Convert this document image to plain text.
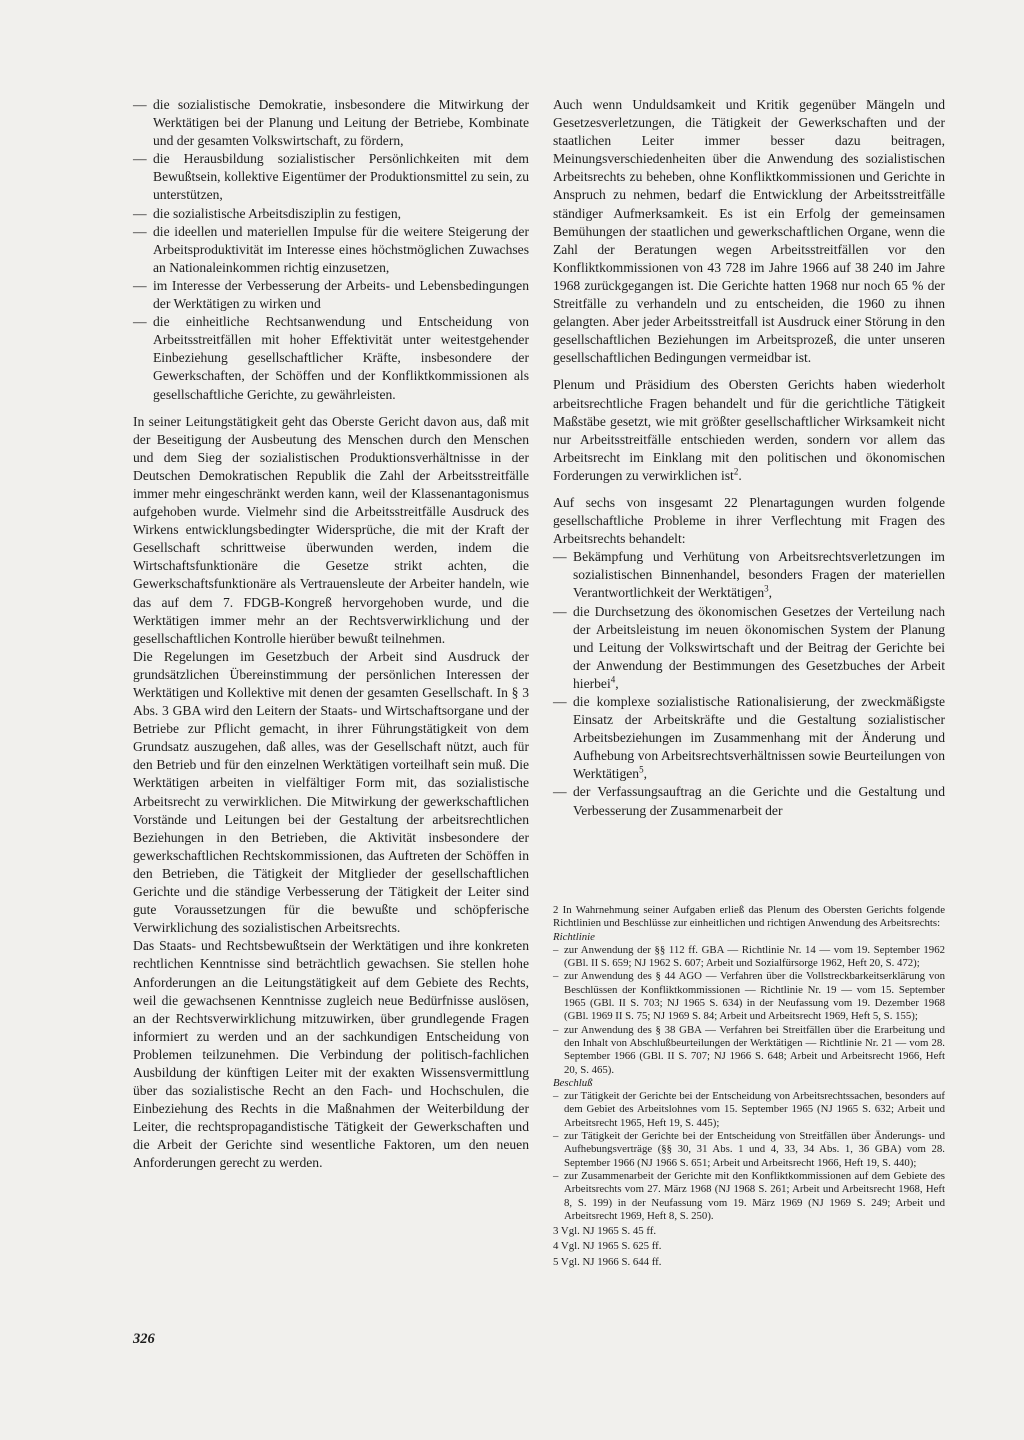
— die sozialistische Demokratie, insbesondere die Mitwirkung der Werktätigen bei der Planung und Leitung der Betriebe, Kombinate und der gesamten Volkswirtschaft, zu fördern,
— die Herausbildung sozialistischer Persönlichkeiten mit dem Bewußtsein, kollektive Eigentümer der Produktionsmittel zu sein, zu unterstützen,
— die sozialistische Arbeitsdisziplin zu festigen,
— die ideellen und materiellen Impulse für die weitere Steigerung der Arbeitsproduktivität im Interesse eines höchstmöglichen Zuwachses an Nationaleinkommen richtig einzusetzen,
— im Interesse der Verbesserung der Arbeits- und Lebensbedingungen der Werktätigen zu wirken und
— die einheitliche Rechtsanwendung und Entscheidung von Arbeitsstreitfällen mit hoher Effektivität unter weitestgehender Einbeziehung gesellschaftlicher Kräfte, insbesondere der Gewerkschaften, der Schöffen und der Konfliktkommissionen als gesellschaftliche Gerichte, zu gewährleisten.

In seiner Leitungstätigkeit geht das Oberste Gericht davon aus, daß mit der Beseitigung der Ausbeutung des Menschen durch den Menschen und dem Sieg der sozialistischen Produktionsverhältnisse in der Deutschen Demokratischen Republik die Zahl der Arbeitsstreitfälle immer mehr eingeschränkt werden kann, weil der Klassenantagonismus aufgehoben wurde. Vielmehr sind die Arbeitsstreitfälle Ausdruck des Wirkens entwicklungsbedingter Widersprüche, die mit der Kraft der Gesellschaft schrittweise überwunden werden, indem die Wirtschaftsfunktionäre die Gesetze strikt achten, die Gewerkschaftsfunktionäre als Vertrauensleute der Arbeiter handeln, wie das auf dem 7. FDGB-Kongreß hervorgehoben wurde, und die Werktätigen immer mehr an der Rechtsverwirklichung und der gesellschaftlichen Kontrolle hierüber bewußt teilnehmen.

Die Regelungen im Gesetzbuch der Arbeit sind Ausdruck der grundsätzlichen Übereinstimmung der persönlichen Interessen der Werktätigen und Kollektive mit denen der gesamten Gesellschaft. In § 3 Abs. 3 GBA wird den Leitern der Staats- und Wirtschaftsorgane und der Betriebe zur Pflicht gemacht, in ihrer Führungstätigkeit von dem Grundsatz auszugehen, daß alles, was der Gesellschaft nützt, auch für den Betrieb und für den einzelnen Werktätigen vorteilhaft sein muß. Die Werktätigen arbeiten in vielfältiger Form mit, das sozialistische Arbeitsrecht zu verwirklichen. Die Mitwirkung der gewerkschaftlichen Vorstände und Leitungen bei der Gestaltung der arbeitsrechtlichen Beziehungen in den Betrieben, die Aktivität insbesondere der gewerkschaftlichen Rechtskommissionen, das Auftreten der Schöffen in den Betrieben, die Tätigkeit der Mitglieder der gesellschaftlichen Gerichte und die ständige Verbesserung der Tätigkeit der Leiter sind gute Voraussetzungen für die bewußte und schöpferische Verwirklichung des sozialistischen Arbeitsrechts.

Das Staats- und Rechtsbewußtsein der Werktätigen und ihre konkreten rechtlichen Kenntnisse sind beträchtlich gewachsen. Sie stellen hohe Anforderungen an die Leitungstätigkeit auf dem Gebiete des Rechts, weil die gewachsenen Kenntnisse zugleich neue Bedürfnisse auslösen, an der Rechtsverwirklichung mitzuwirken, über grundlegende Fragen informiert zu werden und an der sachkundigen Entscheidung von Problemen teilzunehmen. Die Verbindung der politisch-fachlichen Ausbildung der künftigen Leiter mit der exakten Wissensvermittlung über das sozialistische Recht an den Fach- und Hochschulen, die Einbeziehung des Rechts in die Maßnahmen der Weiterbildung der Leiter, die rechtspropagandistische Tätigkeit der Gewerkschaften und die Arbeit der Gerichte sind wesentliche Faktoren, um den neuen Anforderungen gerecht zu werden.

Auch wenn Unduldsamkeit und Kritik gegenüber Mängeln und Gesetzesverletzungen, die Tätigkeit der Gewerkschaften und der staatlichen Leiter immer besser dazu beitragen, Meinungsverschiedenheiten über die Anwendung des sozialistischen Arbeitsrechts zu beheben, ohne Konfliktkommissionen und Gerichte in Anspruch zu nehmen, bedarf die Entwicklung der Arbeitsstreitfälle ständiger Aufmerksamkeit. Es ist ein Erfolg der gemeinsamen Bemühungen der staatlichen und gewerkschaftlichen Organe, wenn die Zahl der Beratungen wegen Arbeitsstreitfällen vor den Konfliktkommissionen von 43 728 im Jahre 1966 auf 38 240 im Jahre 1968 zurückgegangen ist. Die Gerichte hatten 1968 nur noch 65 % der Streitfälle zu verhandeln und zu entscheiden, die 1960 zu ihnen gelangten. Aber jeder Arbeitsstreitfall ist Ausdruck einer Störung in den gesellschaftlichen Beziehungen im Arbeitsprozeß, die unter unseren gesellschaftlichen Bedingungen vermeidbar ist.

Plenum und Präsidium des Obersten Gerichts haben wiederholt arbeitsrechtliche Fragen behandelt und für die gerichtliche Tätigkeit Maßstäbe gesetzt, wie mit größter gesellschaftlicher Wirksamkeit nicht nur Arbeitsstreitfälle entschieden werden, sondern vor allem das Arbeitsrecht im Einklang mit den politischen und ökonomischen Forderungen zu verwirklichen ist$^2$.

Auf sechs von insgesamt 22 Plenartagungen wurden folgende gesellschaftliche Probleme in ihrer Verflechtung mit Fragen des Arbeitsrechts behandelt:

— Bekämpfung und Verhütung von Arbeitsrechtsverletzungen im sozialistischen Binnenhandel, besonders Fragen der materiellen Verantwortlichkeit der Werktätigen$^3$,
— die Durchsetzung des ökonomischen Gesetzes der Verteilung nach der Arbeitsleistung im neuen ökonomischen System der Planung und Leitung der Volkswirtschaft und der Beitrag der Gerichte bei der Anwendung der Bestimmungen des Gesetzbuches der Arbeit hierbei$^4$,
— die komplexe sozialistische Rationalisierung, der zweckmäßigste Einsatz der Arbeitskräfte und die Gestaltung sozialistischer Arbeitsbeziehungen im Zusammenhang mit der Änderung und Aufhebung von Arbeitsrechtsverhältnissen sowie Beurteilungen von Werktätigen$^5$,
— der Verfassungsauftrag an die Gerichte und die Gestaltung und Verbesserung der Zusammenarbeit der

2 In Wahrnehmung seiner Aufgaben erließ das Plenum des Obersten Gerichts folgende Richtlinien und Beschlüsse zur einheitlichen und richtigen Anwendung des Arbeitsrechts:

Richtlinie

– zur Anwendung der §§ 112 ff. GBA — Richtlinie Nr. 14 — vom 19. September 1962 (GBl. II S. 659; NJ 1962 S. 607; Arbeit und Sozialfürsorge 1962, Heft 20, S. 472);
– zur Anwendung des § 44 AGO — Verfahren über die Vollstreckbarkeitserklärung von Beschlüssen der Konfliktkommissionen — Richtlinie Nr. 19 — vom 15. September 1965 (GBl. II S. 703; NJ 1965 S. 634) in der Neufassung vom 19. Dezember 1968 (GBl. 1969 II S. 75; NJ 1969 S. 84; Arbeit und Arbeitsrecht 1969, Heft 5, S. 155);
– zur Anwendung des § 38 GBA — Verfahren bei Streitfällen über die Erarbeitung und den Inhalt von Abschlußbeurteilungen der Werktätigen — Richtlinie Nr. 21 — vom 28. September 1966 (GBl. II S. 707; NJ 1966 S. 648; Arbeit und Arbeitsrecht 1966, Heft 20, S. 465).

Beschluß

– zur Tätigkeit der Gerichte bei der Entscheidung von Arbeitsrechtssachen, besonders auf dem Gebiet des Arbeitslohnes vom 15. September 1965 (NJ 1965 S. 632; Arbeit und Arbeitsrecht 1965, Heft 19, S. 445);
– zur Tätigkeit der Gerichte bei der Entscheidung von Streitfällen über Änderungs- und Aufhebungsverträge (§§ 30, 31 Abs. 1 und 4, 33, 34 Abs. 1, 36 GBA) vom 28. September 1966 (NJ 1966 S. 651; Arbeit und Arbeitsrecht 1966, Heft 19, S. 440);
– zur Zusammenarbeit der Gerichte mit den Konfliktkommissionen auf dem Gebiete des Arbeitsrechts vom 27. März 1968 (NJ 1968 S. 261; Arbeit und Arbeitsrecht 1968, Heft 8, S. 199) in der Neufassung vom 19. März 1969 (NJ 1969 S. 249; Arbeit und Arbeitsrecht 1969, Heft 8, S. 250).

3 Vgl. NJ 1965 S. 45 ff.

4 Vgl. NJ 1965 S. 625 ff.

5 Vgl. NJ 1966 S. 644 ff.

326
